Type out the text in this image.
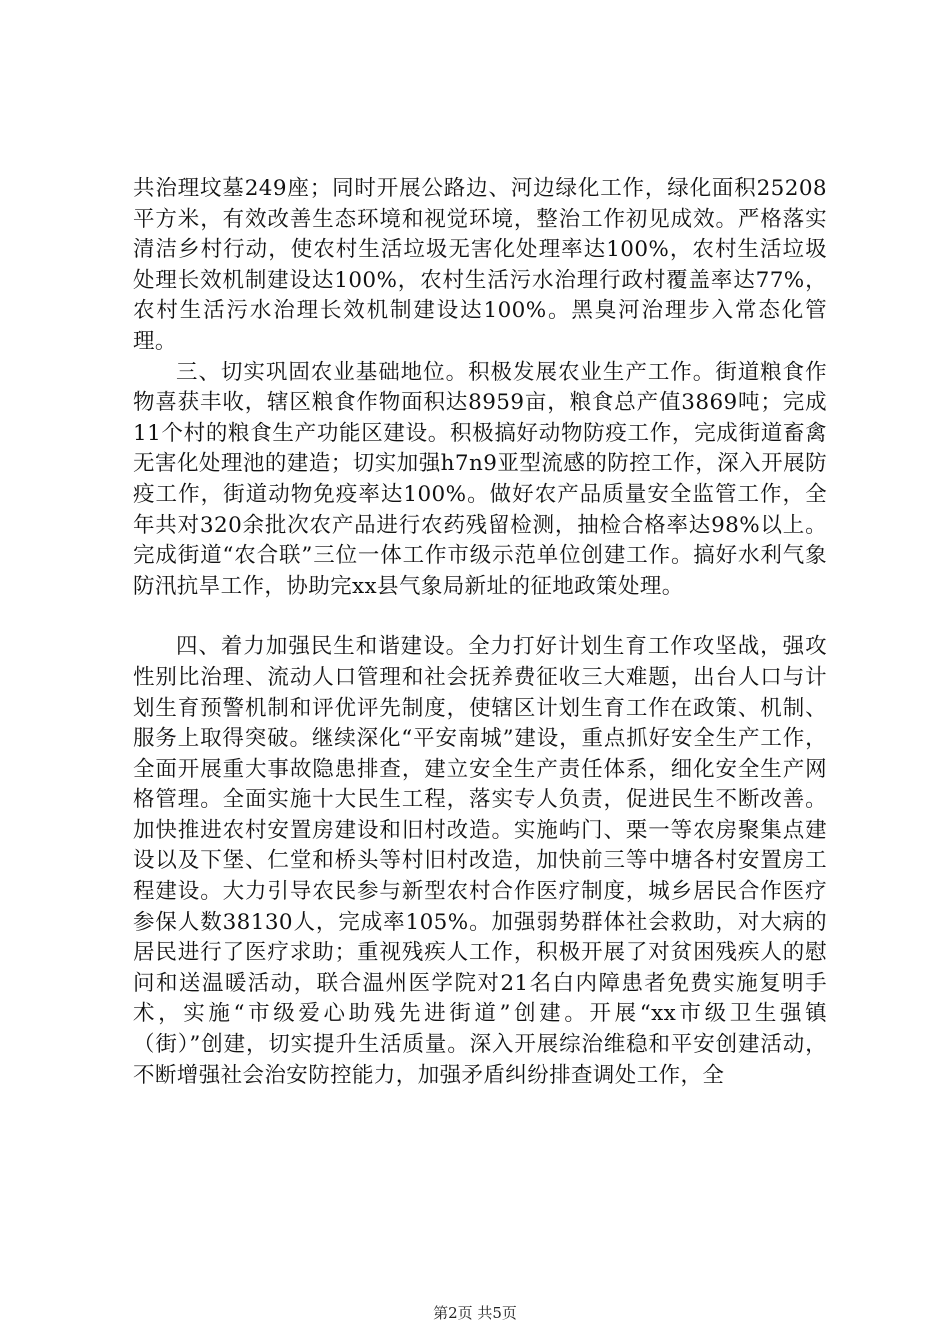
共治理坟墓249座；同时开展公路边、河边绿化工作，绿化面积25208平方米，有效改善生态环境和视觉环境，整治工作初见成效。严格落实清洁乡村行动，使农村生活垃圾无害化处理率达100%，农村生活垃圾处理长效机制建设达100%，农村生活污水治理行政村覆盖率达77%，农村生活污水治理长效机制建设达100%。黑臭河治理步入常态化管理。

三、切实巩固农业基础地位。积极发展农业生产工作。街道粮食作物喜获丰收，辖区粮食作物面积达8959亩，粮食总产值3869吨；完成11个村的粮食生产功能区建设。积极搞好动物防疫工作，完成街道畜禽无害化处理池的建造；切实加强h7n9亚型流感的防控工作，深入开展防疫工作，街道动物免疫率达100%。做好农产品质量安全监管工作，全年共对320余批次农产品进行农药残留检测，抽检合格率达98%以上。完成街道“农合联”三位一体工作市级示范单位创建工作。搞好水利气象防汛抗旱工作，协助完xx县气象局新址的征地政策处理。

四、着力加强民生和谐建设。全力打好计划生育工作攻坚战，强攻性别比治理、流动人口管理和社会抚养费征收三大难题，出台人口与计划生育预警机制和评优评先制度，使辖区计划生育工作在政策、机制、服务上取得突破。继续深化“平安南城”建设，重点抓好安全生产工作，全面开展重大事故隐患排查，建立安全生产责任体系，细化安全生产网格管理。全面实施十大民生工程，落实专人负责，促进民生不断改善。加快推进农村安置房建设和旧村改造。实施屿门、栗一等农房聚集点建设以及下堡、仁堂和桥头等村旧村改造，加快前三等中塘各村安置房工程建设。大力引导农民参与新型农村合作医疗制度，城乡居民合作医疗参保人数38130人，完成率105%。加强弱势群体社会救助，对大病的居民进行了医疗求助；重视残疾人工作，积极开展了对贫困残疾人的慰问和送温暖活动，联合温州医学院对21名白内障患者免费实施复明手术，实施“市级爱心助残先进街道”创建。开展“xx市级卫生强镇（街）”创建，切实提升生活质量。深入开展综治维稳和平安创建活动，不断增强社会治安防控能力，加强矛盾纠纷排查调处工作，全

第2页 共5页
